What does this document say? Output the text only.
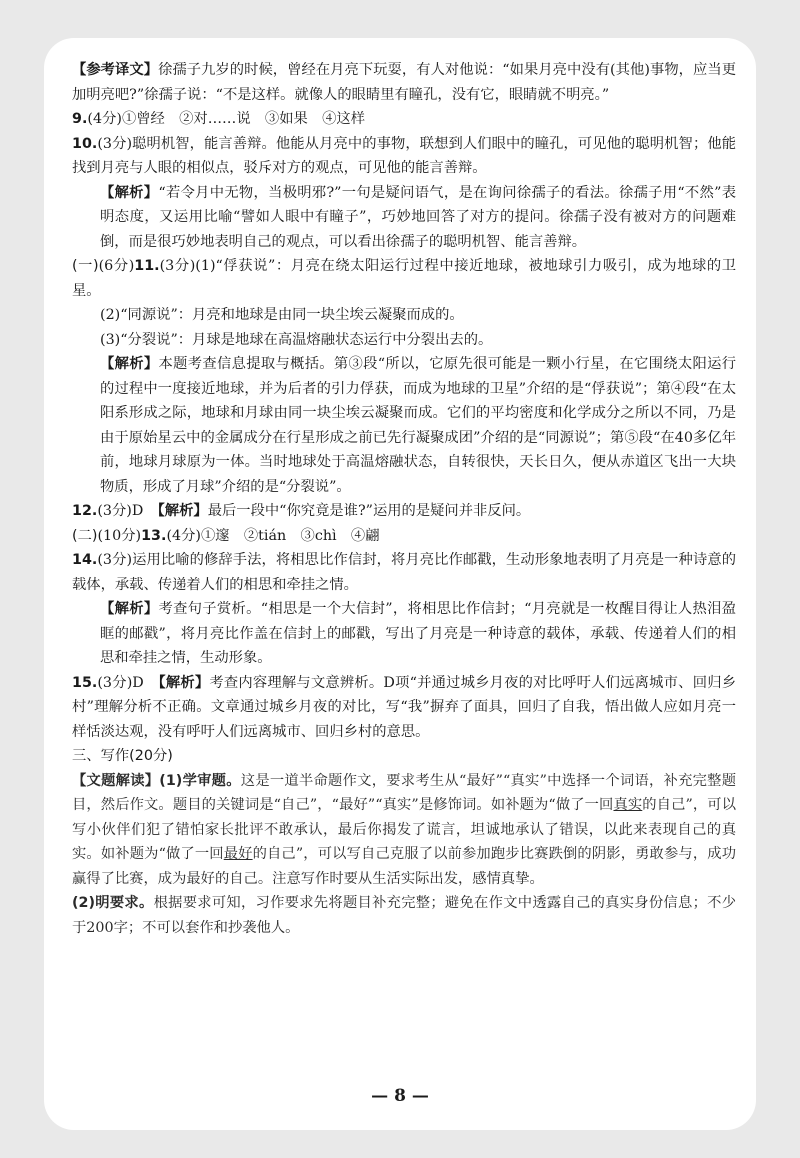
【参考译文】徐孺子九岁的时候，曾经在月亮下玩耍，有人对他说：“如果月亮中没有(其他)事物，应当更加明亮吧?”徐孺子说：“不是这样。就像人的眼睛里有瞳孔，没有它，眼睛就不明亮。”

9.(4分)①曾经　②对……说　③如果　④这样

10.(3分)聪明机智，能言善辩。他能从月亮中的事物，联想到人们眼中的瞳孔，可见他的聪明机智；他能找到月亮与人眼的相似点，驳斥对方的观点，可见他的能言善辩。

【解析】“若令月中无物，当极明邪?”一句是疑问语气，是在询问徐孺子的看法。徐孺子用“不然”表明态度，又运用比喻“譬如人眼中有瞳子”，巧妙地回答了对方的提问。徐孺子没有被对方的问题难倒，而是很巧妙地表明自己的观点，可以看出徐孺子的聪明机智、能言善辩。

(一)(6分)11.(3分)(1)“俘获说”：月亮在绕太阳运行过程中接近地球，被地球引力吸引，成为地球的卫星。

(2)“同源说”：月亮和地球是由同一块尘埃云凝聚而成的。

(3)“分裂说”：月球是地球在高温熔融状态运行中分裂出去的。

【解析】本题考查信息提取与概括。第③段“所以，它原先很可能是一颗小行星，在它围绕太阳运行的过程中一度接近地球，并为后者的引力俘获，而成为地球的卫星”介绍的是“俘获说”；第④段“在太阳系形成之际，地球和月球由同一块尘埃云凝聚而成。它们的平均密度和化学成分之所以不同，乃是由于原始星云中的金属成分在行星形成之前已先行凝聚成团”介绍的是“同源说”；第⑤段“在40多亿年前，地球月球原为一体。当时地球处于高温熔融状态，自转很快，天长日久，便从赤道区飞出一大块物质，形成了月球”介绍的是“分裂说”。

12.(3分)D　 【解析】最后一段中“你究竟是谁?”运用的是疑问并非反问。

(二)(10分)13.(4分)①邃　②tián　③chì　④翩

14.(3分)运用比喻的修辞手法，将相思比作信封，将月亮比作邮戳，生动形象地表明了月亮是一种诗意的载体，承载、传递着人们的相思和牵挂之情。

【解析】考查句子赏析。“相思是一个大信封”，将相思比作信封；“月亮就是一枚醒目得让人热泪盈眶的邮戳”，将月亮比作盖在信封上的邮戳，写出了月亮是一种诗意的载体，承载、传递着人们的相思和牵挂之情，生动形象。

15.(3分)D　 【解析】考查内容理解与文意辨析。D项“并通过城乡月夜的对比呼吁人们远离城市、回归乡村”理解分析不正确。文章通过城乡月夜的对比，写“我”摒弃了面具，回归了自我，悟出做人应如月亮一样恬淡达观，没有呼吁人们远离城市、回归乡村的意思。

三、写作(20分)

【文题解读】(1)学审题。这是一道半命题作文，要求考生从“最好”“真实”中选择一个词语，补充完整题目，然后作文。题目的关键词是“自己”，“最好”“真实”是修饰词。如补题为“做了一回真实的自己”，可以写小伙伴们犯了错怕家长批评不敢承认，最后你揭发了谎言，坦诚地承认了错误，以此来表现自己的真实。如补题为“做了一回最好的自己”，可以写自己克服了以前参加跑步比赛跌倒的阴影，勇敢参与，成功赢得了比赛，成为最好的自己。注意写作时要从生活实际出发，感情真挚。

(2)明要求。根据要求可知，习作要求先将题目补充完整；避免在作文中透露自己的真实身份信息；不少于200字；不可以套作和抄袭他人。

— 8 —
